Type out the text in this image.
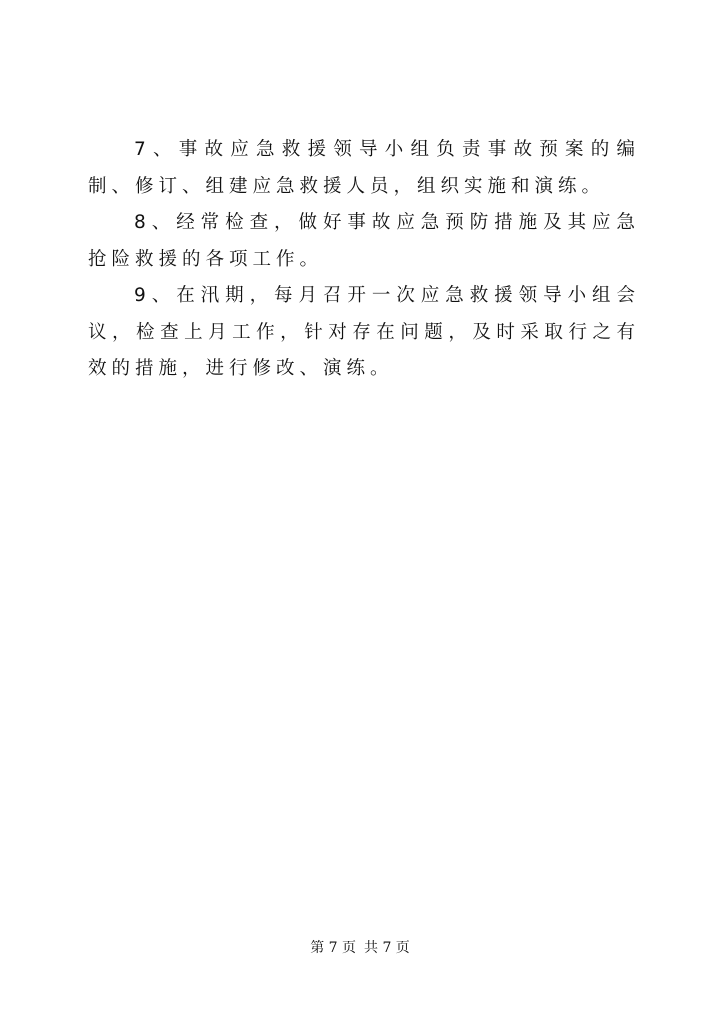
7、事故应急救援领导小组负责事故预案的编制、修订、组建应急救援人员，组织实施和演练。

8、经常检查，做好事故应急预防措施及其应急抢险救援的各项工作。

9、在汛期，每月召开一次应急救援领导小组会议，检查上月工作，针对存在问题，及时采取行之有效的措施，进行修改、演练。

第 7 页 共 7 页
